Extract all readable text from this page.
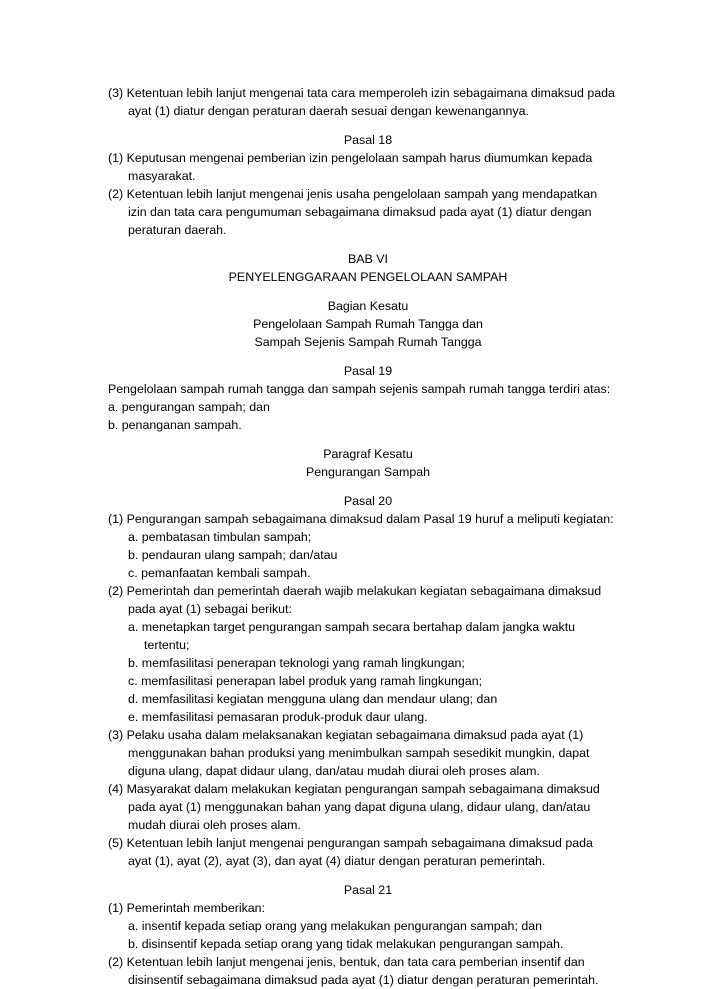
(3) Ketentuan lebih lanjut mengenai tata cara memperoleh izin sebagaimana dimaksud pada
ayat (1) diatur dengan peraturan daerah sesuai dengan kewenangannya.
Pasal 18
(1) Keputusan mengenai pemberian izin pengelolaan sampah harus diumumkan kepada
masyarakat.
(2) Ketentuan lebih lanjut mengenai jenis usaha pengelolaan sampah yang mendapatkan
izin dan tata cara pengumuman sebagaimana dimaksud pada ayat (1) diatur dengan
peraturan daerah.
BAB VI
PENYELENGGARAAN PENGELOLAAN SAMPAH
Bagian Kesatu
Pengelolaan Sampah Rumah Tangga dan
Sampah Sejenis Sampah Rumah Tangga
Pasal 19
Pengelolaan sampah rumah tangga dan sampah sejenis sampah rumah tangga terdiri atas:
a. pengurangan sampah; dan
b. penanganan sampah.
Paragraf Kesatu
Pengurangan Sampah
Pasal 20
(1) Pengurangan sampah sebagaimana dimaksud dalam Pasal 19 huruf a meliputi kegiatan:
a. pembatasan timbulan sampah;
b. pendauran ulang sampah; dan/atau
c. pemanfaatan kembali sampah.
(2) Pemerintah dan pemerintah daerah wajib melakukan kegiatan sebagaimana dimaksud
pada ayat (1) sebagai berikut:
a. menetapkan target pengurangan sampah secara bertahap dalam jangka waktu
tertentu;
b. memfasilitasi penerapan teknologi yang ramah lingkungan;
c. memfasilitasi penerapan label produk yang ramah lingkungan;
d. memfasilitasi kegiatan mengguna ulang dan mendaur ulang; dan
e. memfasilitasi pemasaran produk-produk daur ulang.
(3) Pelaku usaha dalam melaksanakan kegiatan sebagaimana dimaksud pada ayat (1)
menggunakan bahan produksi yang menimbulkan sampah sesedikit mungkin, dapat
diguna ulang, dapat didaur ulang, dan/atau mudah diurai oleh proses alam.
(4) Masyarakat dalam melakukan kegiatan pengurangan sampah sebagaimana dimaksud
pada ayat (1) menggunakan bahan yang dapat diguna ulang, didaur ulang, dan/atau
mudah diurai oleh proses alam.
(5) Ketentuan lebih lanjut mengenai pengurangan sampah sebagaimana dimaksud pada
ayat (1), ayat (2), ayat (3), dan ayat (4) diatur dengan peraturan pemerintah.
Pasal 21
(1) Pemerintah memberikan:
a. insentif kepada setiap orang yang melakukan pengurangan sampah; dan
b. disinsentif kepada setiap orang yang tidak melakukan pengurangan sampah.
(2) Ketentuan lebih lanjut mengenai jenis, bentuk, dan tata cara pemberian insentif dan
disinsentif sebagaimana dimaksud pada ayat (1) diatur dengan peraturan pemerintah.
